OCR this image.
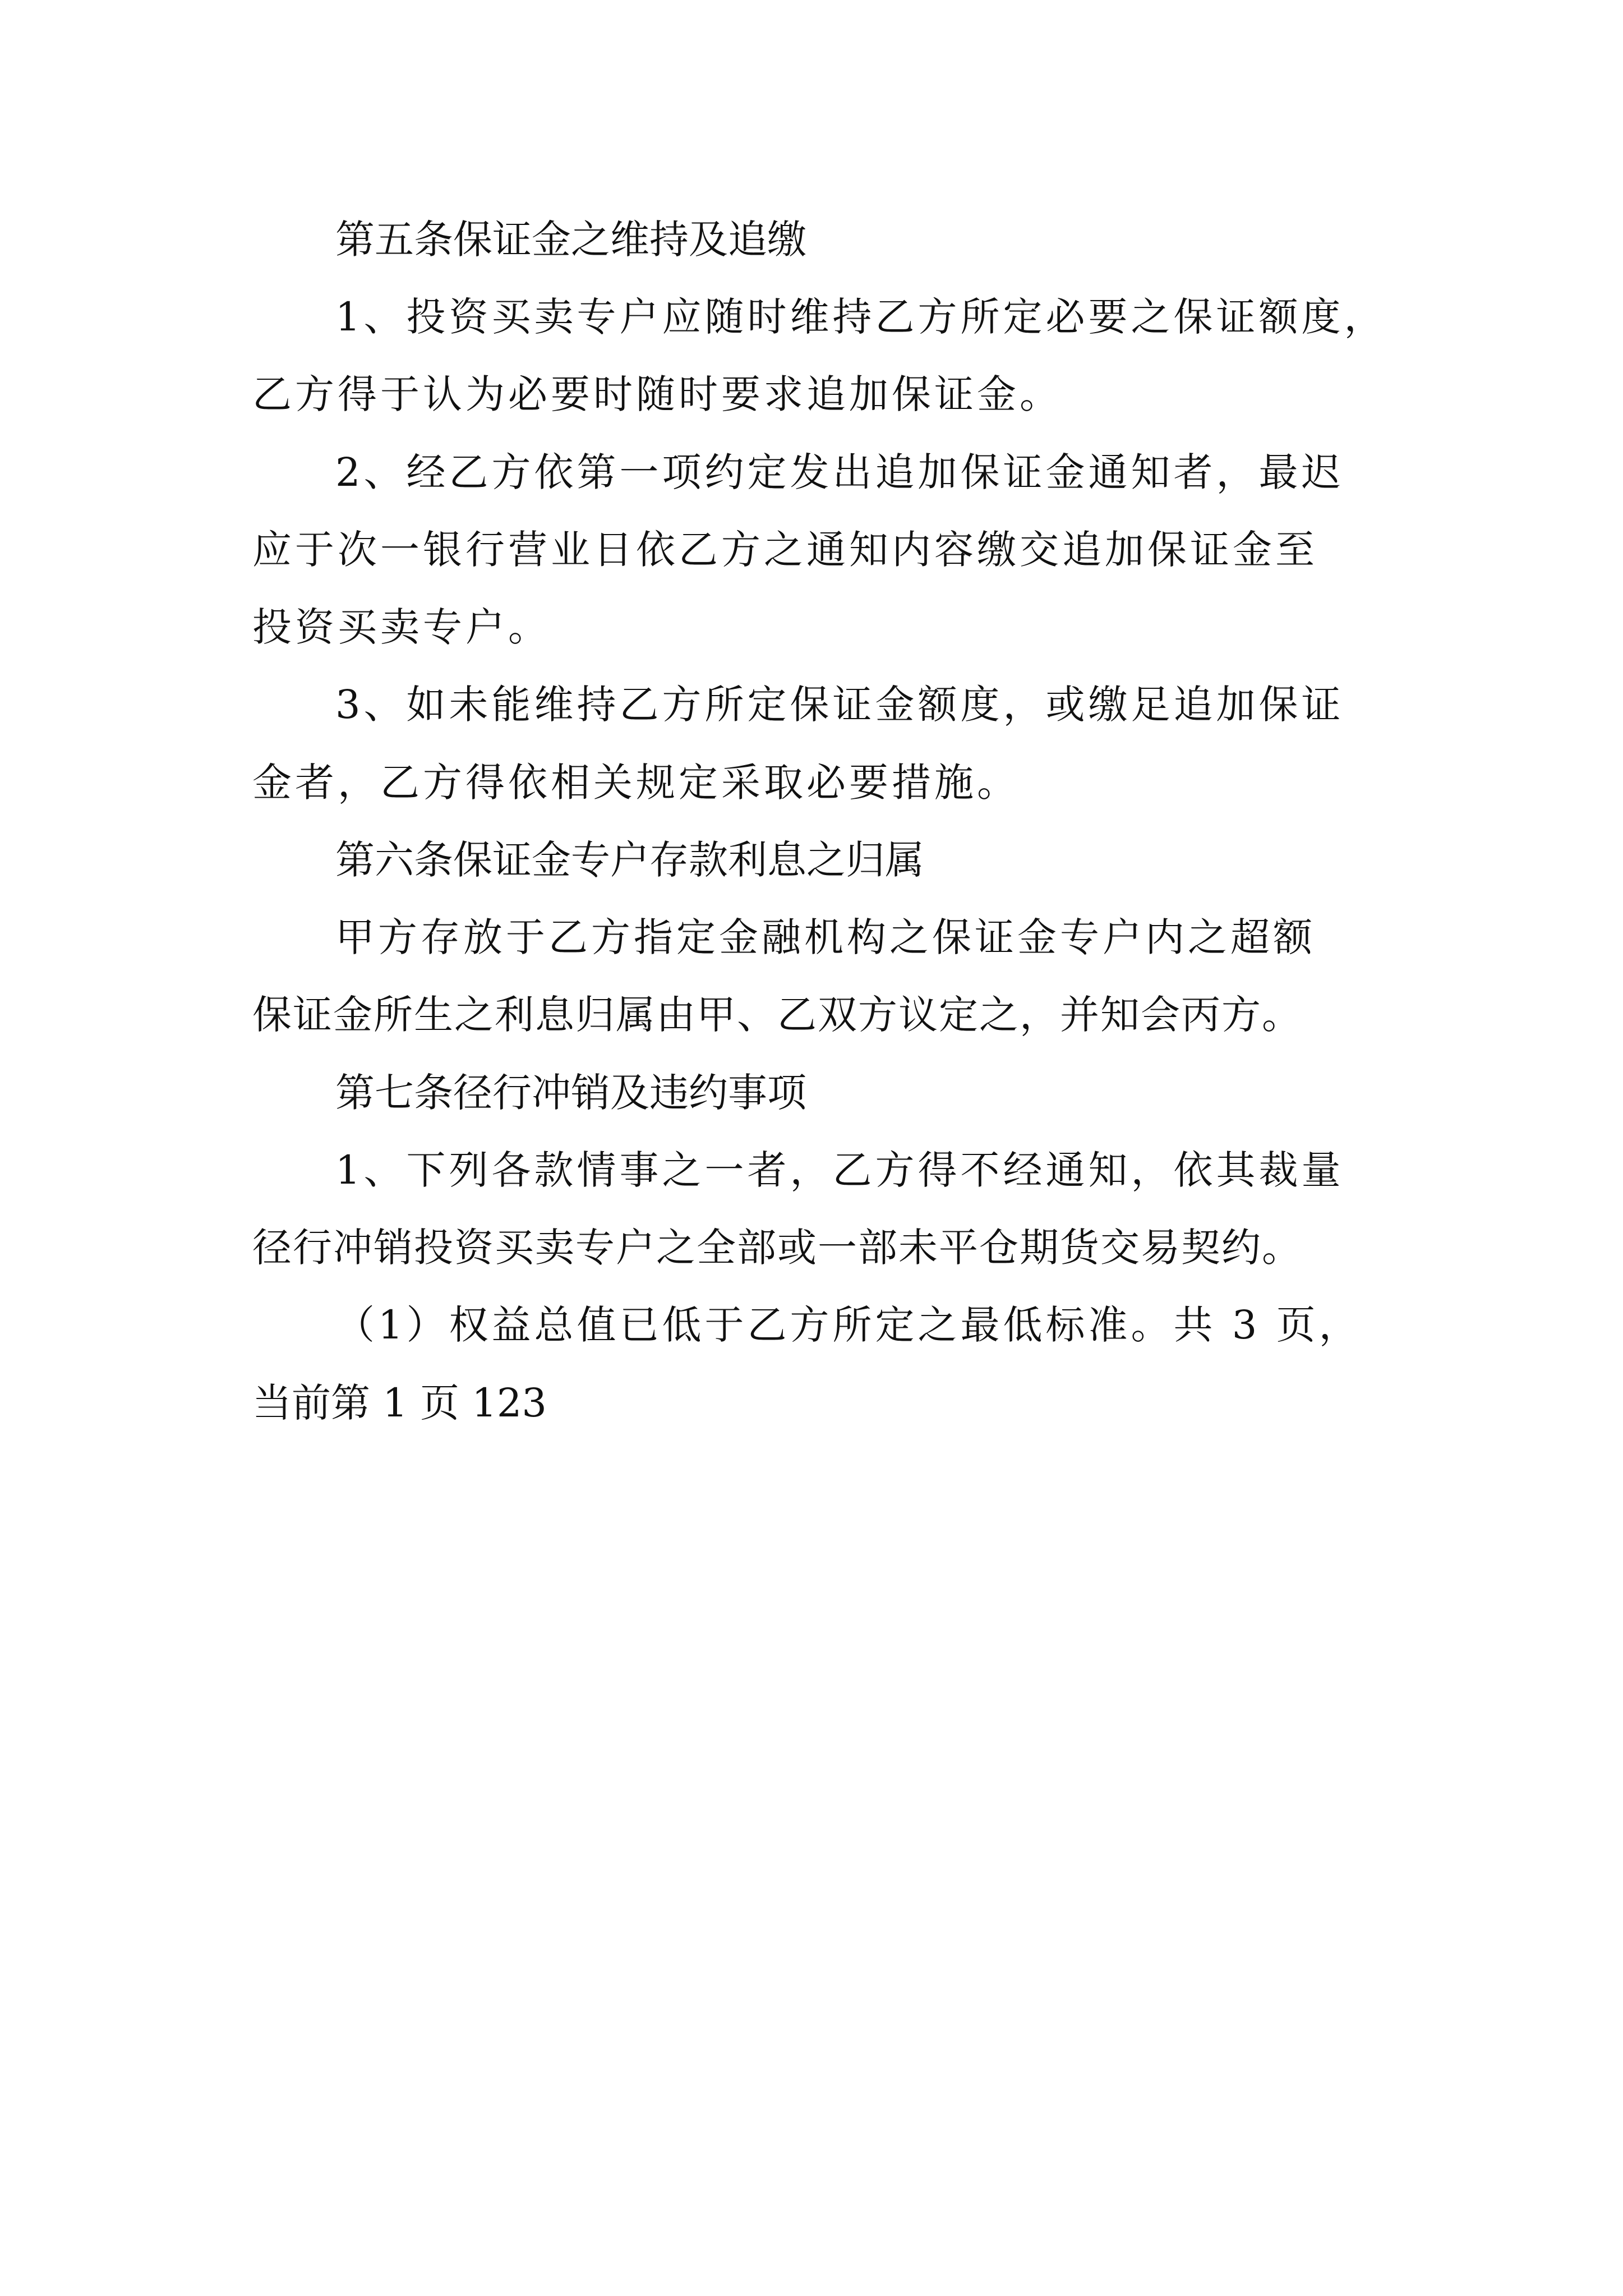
第五条保证金之维持及追缴
1、投资买卖专户应随时维持乙方所定必要之保证额度，
乙方得于认为必要时随时要求追加保证金。
2、经乙方依第一项约定发出追加保证金通知者，最迟
应于次一银行营业日依乙方之通知内容缴交追加保证金至
投资买卖专户。
3、如未能维持乙方所定保证金额度，或缴足追加保证
金者，乙方得依相关规定采取必要措施。
第六条保证金专户存款利息之归属
甲方存放于乙方指定金融机构之保证金专户内之超额
保证金所生之利息归属由甲、乙双方议定之，并知会丙方。
第七条径行冲销及违约事项
1、下列各款情事之一者，乙方得不经通知，依其裁量
径行冲销投资买卖专户之全部或一部未平仓期货交易契约。
（1）权益总值已低于乙方所定之最低标准。共 3 页，
当前第 1 页 123
